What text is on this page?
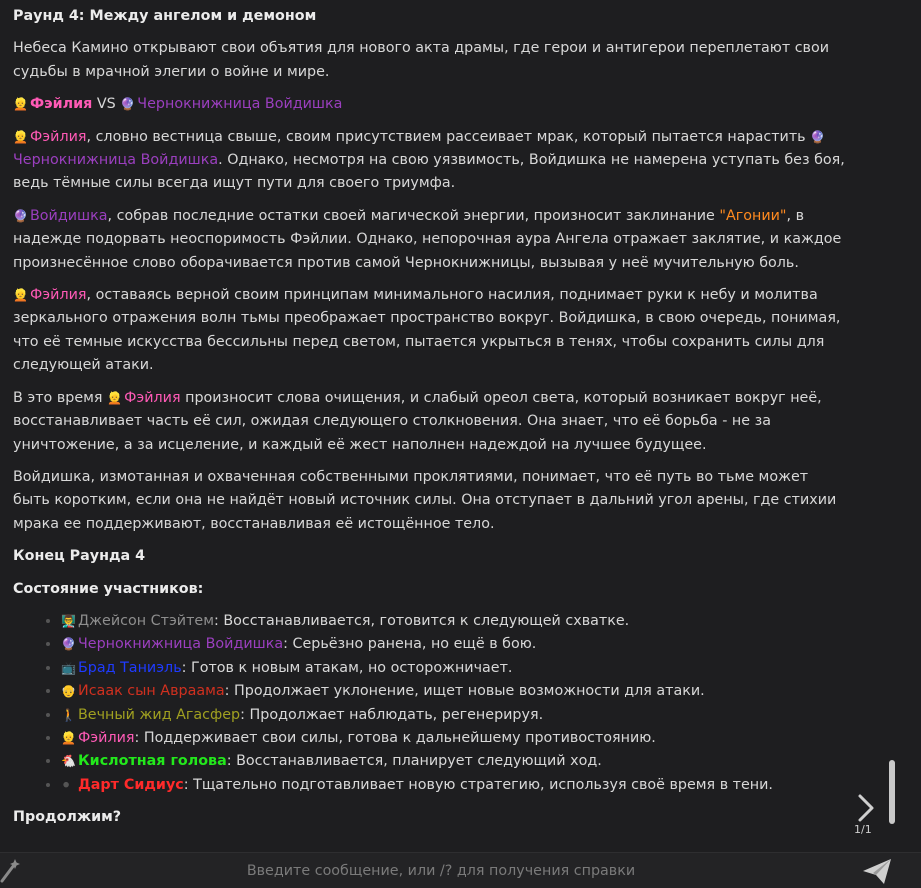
Раунд 4: Между ангелом и демоном

Небеса Камино открывают свои объятия для нового акта драмы, где герои и антигерои переплетают свои судьбы в мрачной элегии о войне и мире.

👱 Фэйлия VS 🔮 Чернокнижница Войдишка

👱 Фэйлия, словно вестница свыше, своим присутствием рассеивает мрак, который пытается нарастить 🔮Чернокнижница Войдишка. Однако, несмотря на свою уязвимость, Войдишка не намерена уступать без боя, ведь тёмные силы всегда ищут пути для своего триумфа.

🔮 Войдишка, собрав последние остатки своей магической энергии, произносит заклинание "Агонии", в надежде подорвать неоспоримость Фэйлии. Однако, непорочная аура Ангела отражает заклятие, и каждое произнесённое слово оборачивается против самой Чернокнижницы, вызывая у неё мучительную боль.

👱 Фэйлия, оставаясь верной своим принципам минимального насилия, поднимает руки к небу и молитва зеркального отражения волн тьмы преображает пространство вокруг. Войдишка, в свою очередь, понимая, что её темные искусства бессильны перед светом, пытается укрыться в тенях, чтобы сохранить силы для следующей атаки.

В это время 👱 Фэйлия произносит слова очищения, и слабый ореол света, который возникает вокруг неё, восстанавливает часть её сил, ожидая следующего столкновения. Она знает, что её борьба - не за уничтожение, а за исцеление, и каждый её жест наполнен надеждой на лучшее будущее.

Войдишка, измотанная и охваченная собственными проклятиями, понимает, что её путь во тьме может быть коротким, если она не найдёт новый источник силы. Она отступает в дальний угол арены, где стихии мрака ее поддерживают, восстанавливая её истощённое тело.

Конец Раунда 4
Состояние участников:
• 👨‍🏫 Джейсон Стэйтем: Восстанавливается, готовится к следующей схватке.
• 🔮 Чернокнижница Войдишка: Серьёзно ранена, но ещё в бою.
• 📺 Брад Таниэль: Готов к новым атакам, но осторожничает.
• 👴 Исаак сын Авраама: Продолжает уклонение, ищет новые возможности для атаки.
• 🚶 Вечный жид Агасфер: Продолжает наблюдать, регенерируя.
• 👱 Фэйлия: Поддерживает свои силы, готова к дальнейшему противостоянию.
• 🐔 Кислотная голова: Восстанавливается, планирует следующий ход.
• ⚫ Дарт Сидиус: Тщательно подготавливает новую стратегию, используя своё время в тени.
Продолжим?
1/1
Введите сообщение, или /? для получения справки
